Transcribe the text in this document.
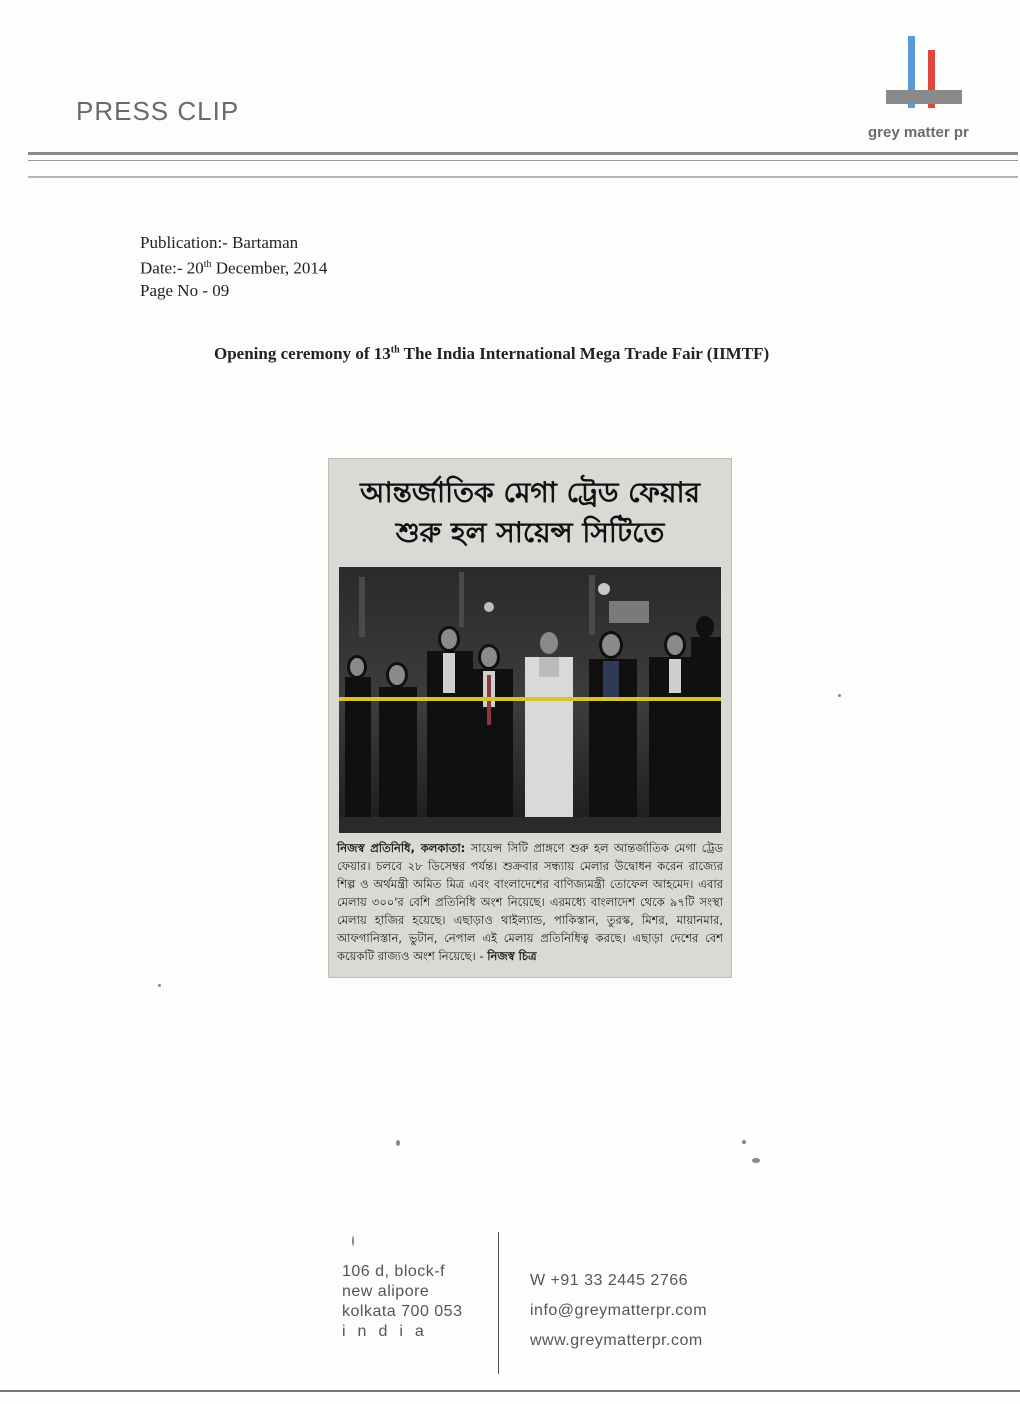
PRESS CLIP
grey matter pr
Publication:- Bartaman
Date:- 20th December, 2014
Page No - 09
Opening ceremony of 13th The India International Mega Trade Fair (IIMTF)
আন্তর্জাতিক মেগা ট্রেড ফেয়ার
শুরু হল সায়েন্স সিটিতে
নিজস্ব প্রতিনিধি, কলকাতা: সায়েন্স সিটি প্রাঙ্গণে শুরু হল আন্তর্জাতিক মেগা ট্রেড ফেয়ার। চলবে ২৮ ডিসেম্বর পর্যন্ত। শুক্রবার সন্ধ্যায় মেলার উদ্বোধন করেন রাজ্যের শিল্প ও অর্থমন্ত্রী অমিত মিত্র এবং বাংলাদেশের বাণিজ্যমন্ত্রী তোফেল আহমেদ। এবার মেলায় ৩০০'র বেশি প্রতিনিধি অংশ নিয়েছে। এরমধ্যে বাংলাদেশ থেকে ৯৭টি সংস্থা মেলায় হাজির হয়েছে। এছাড়াও থাইল্যান্ড, পাকিস্তান, তুরস্ক, মিশর, মায়ানমার, আফগানিস্তান, ভুটান, নেপাল এই মেলায় প্রতিনিধিত্ব করছে। এছাড়া দেশের বেশ কয়েকটি রাজ্যও অংশ নিয়েছে। - নিজস্ব চিত্র
106 d, block-f
new alipore
kolkata 700 053
india
W +91 33 2445 2766
info@greymatterpr.com
www.greymatterpr.com
